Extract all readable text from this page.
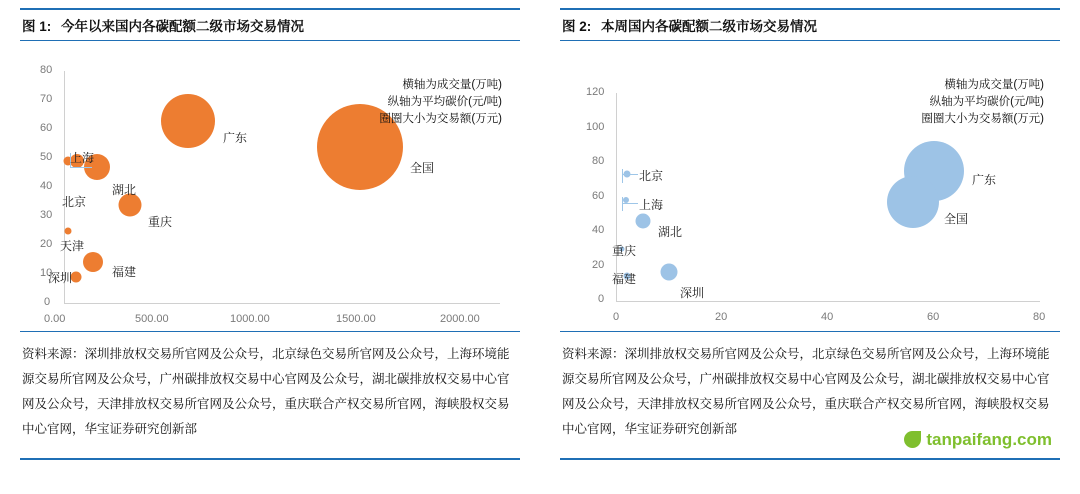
图 1: 今年以来国内各碳配额二级市场交易情况
80
70
60
50
40
30
20
10
0
0.00	500.00	1000.00	1500.00	2000.00
全国
广东
湖北
上海
北京
重庆
天津
福建
深圳
横轴为成交量(万吨)
纵轴为平均碳价(元/吨)
圈圈大小为交易额(万元)

资料来源：深圳排放权交易所官网及公众号，北京绿色交易所官网及公众号，上海环境能源交易所官网及公众号，广州碳排放权交易中心官网及公众号，湖北碳排放权交易中心官网及公众号，天津排放权交易所官网及公众号，重庆联合产权交易所官网，海峡股权交易中心官网，华宝证券研究创新部

图 2: 本周国内各碳配额二级市场交易情况
120
100
80
60
40
20
0
0	20	40	60	80
广东
全国
北京
上海
湖北
重庆
深圳
福建
横轴为成交量(万吨)
纵轴为平均碳价(元/吨)
圈圈大小为交易额(万元)

资料来源：深圳排放权交易所官网及公众号，北京绿色交易所官网及公众号，上海环境能源交易所官网及公众号，广州碳排放权交易中心官网及公众号，湖北碳排放权交易中心官网及公众号，天津排放权交易所官网及公众号，重庆联合产权交易所官网，海峡股权交易中心官网，华宝证券研究创新部

tanpaifang.com
